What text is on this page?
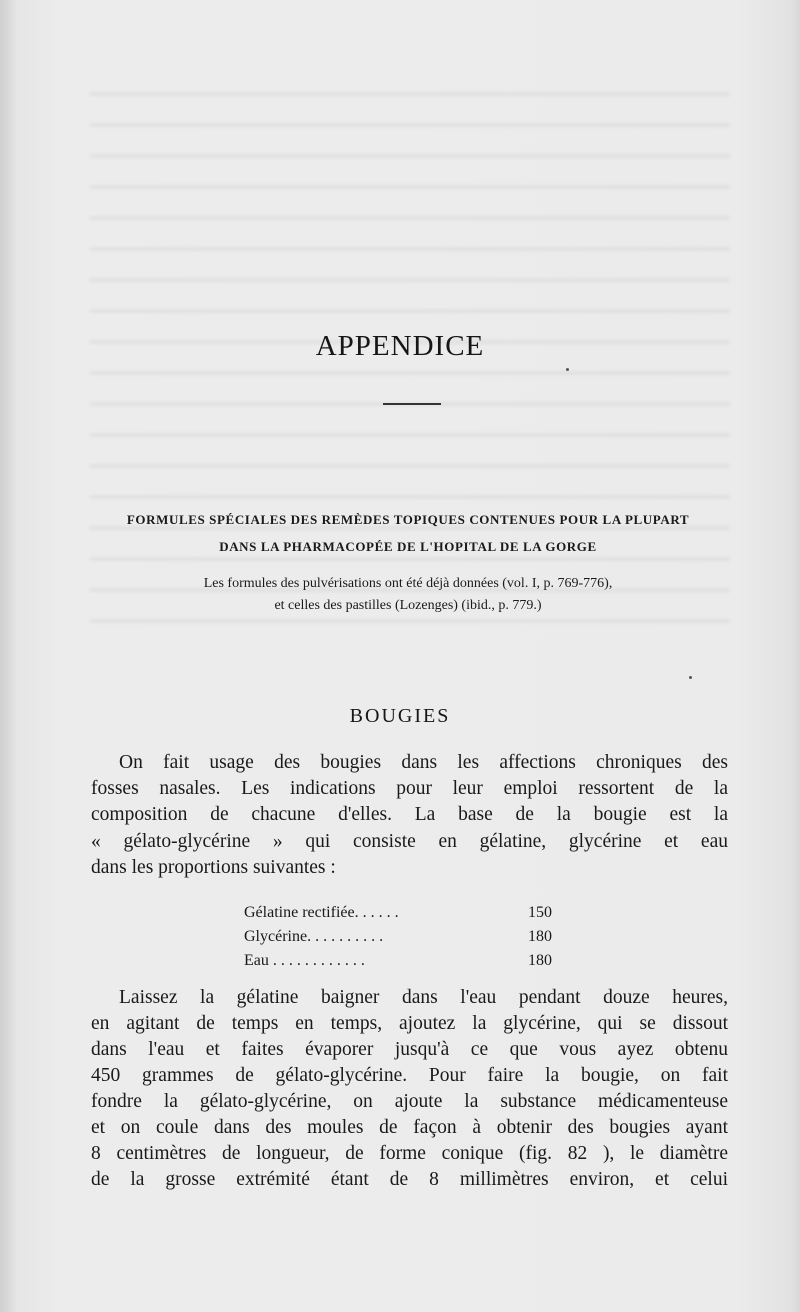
APPENDICE
FORMULES SPÉCIALES DES REMÈDES TOPIQUES CONTENUES POUR LA PLUPART
DANS LA PHARMACOPÉE DE L'HOPITAL DE LA GORGE
Les formules des pulvérisations ont été déjà données (vol. I, p. 769-776),
et celles des pastilles (Lozenges) (ibid., p. 779.)
BOUGIES
On fait usage des bougies dans les affections chroniques des
fosses nasales. Les indications pour leur emploi ressortent de la
composition de chacune d'elles. La base de la bougie est la
« gélato-glycérine » qui consiste en gélatine, glycérine et eau
dans les proportions suivantes :
Gélatine rectifiée. . . . . .	150
Glycérine. . . . . . . . . .	180
Eau . . . . . . . . . . . .	180
Laissez la gélatine baigner dans l'eau pendant douze heures,
en agitant de temps en temps, ajoutez la glycérine, qui se dissout
dans l'eau et faites évaporer jusqu'à ce que vous ayez obtenu
450 grammes de gélato-glycérine. Pour faire la bougie, on fait
fondre la gélato-glycérine, on ajoute la substance médicamenteuse
et on coule dans des moules de façon à obtenir des bougies ayant
8 centimètres de longueur, de forme conique (fig. 82 ), le diamètre
de la grosse extrémité étant de 8 millimètres environ, et celui
